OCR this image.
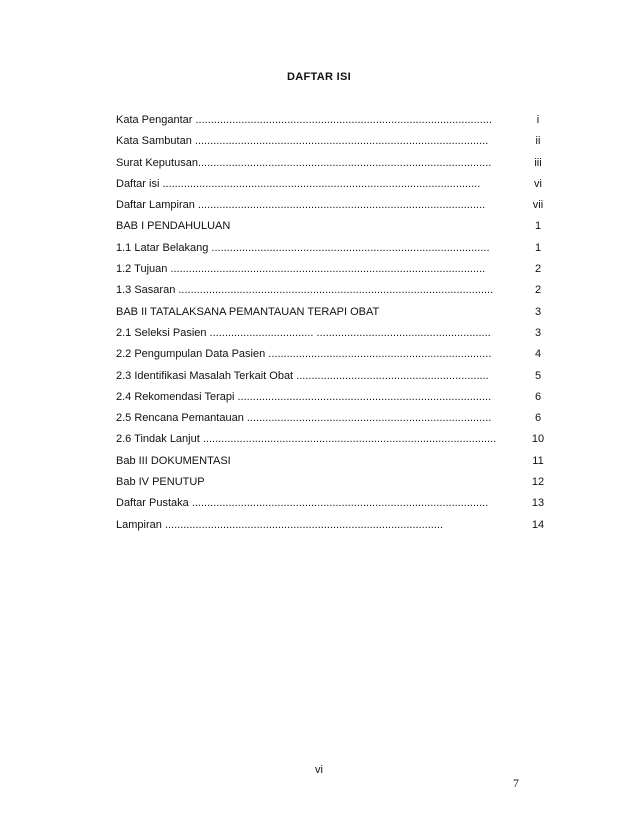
DAFTAR ISI
Kata Pengantar .................................................................................................	i
Kata Sambutan ................................................................................................	ii
Surat Keputusan................................................................................................	iii
Daftar isi ........................................................................................................	vi
Daftar Lampiran ..............................................................................................	vii
BAB I PENDAHULUAN	1
1.1 Latar Belakang ...........................................................................................	1
1.2 Tujuan .......................................................................................................	2
1.3 Sasaran .......................................................................................................	2
BAB II TATALAKSANA PEMANTAUAN TERAPI OBAT	3
2.1 Seleksi Pasien .................................. .........................................................	3
2.2 Pengumpulan Data Pasien .........................................................................	4
2.3 Identifikasi Masalah Terkait Obat ...............................................................	5
2.4 Rekomendasi Terapi ...................................................................................	6
2.5 Rencana Pemantauan ................................................................................	6
2.6 Tindak Lanjut ................................................................................................	10
Bab III DOKUMENTASI	11
Bab IV PENUTUP	12
Daftar Pustaka .................................................................................................	13
Lampiran ...........................................................................................	14
vi
7
